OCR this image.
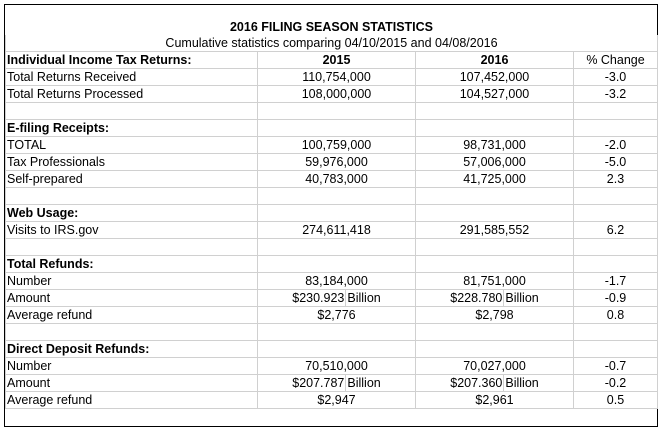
2016 FILING SEASON STATISTICS			
Cumulative statistics comparing 04/10/2015 and 04/08/2016			
Individual Income Tax Returns:	2015	2016	% Change
Total Returns Received	110,754,000	107,452,000	-3.0
Total Returns Processed	108,000,000	104,527,000	-3.2

E-filing Receipts:			
TOTAL	100,759,000	98,731,000	-2.0
Tax Professionals	59,976,000	57,006,000	-5.0
Self-prepared	40,783,000	41,725,000	2.3

Web Usage:			
Visits to IRS.gov	274,611,418	291,585,552	6.2

Total Refunds:			
Number	83,184,000	81,751,000	-1.7
Amount	$230.923 Billion	$228.780 Billion	-0.9
Average refund	$2,776	$2,798	0.8

Direct Deposit Refunds:			
Number	70,510,000	70,027,000	-0.7
Amount	$207.787 Billion	$207.360 Billion	-0.2
Average refund	$2,947	$2,961	0.5
